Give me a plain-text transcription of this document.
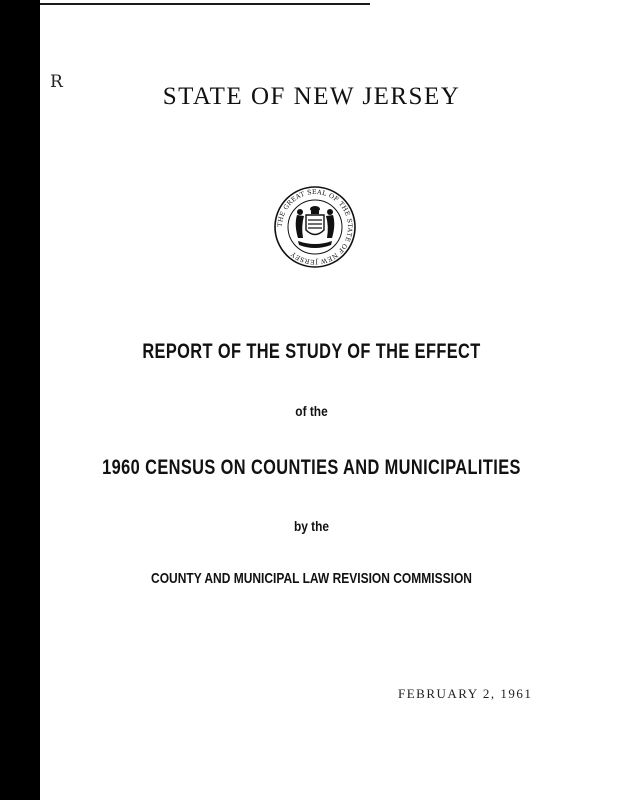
R
STATE OF NEW JERSEY
THE GREAT SEAL OF THE STATE OF NEW JERSEY
REPORT OF THE STUDY OF THE EFFECT
of the
1960 CENSUS ON COUNTIES AND MUNICIPALITIES
by the
COUNTY AND MUNICIPAL LAW REVISION COMMISSION
FEBRUARY 2, 1961
